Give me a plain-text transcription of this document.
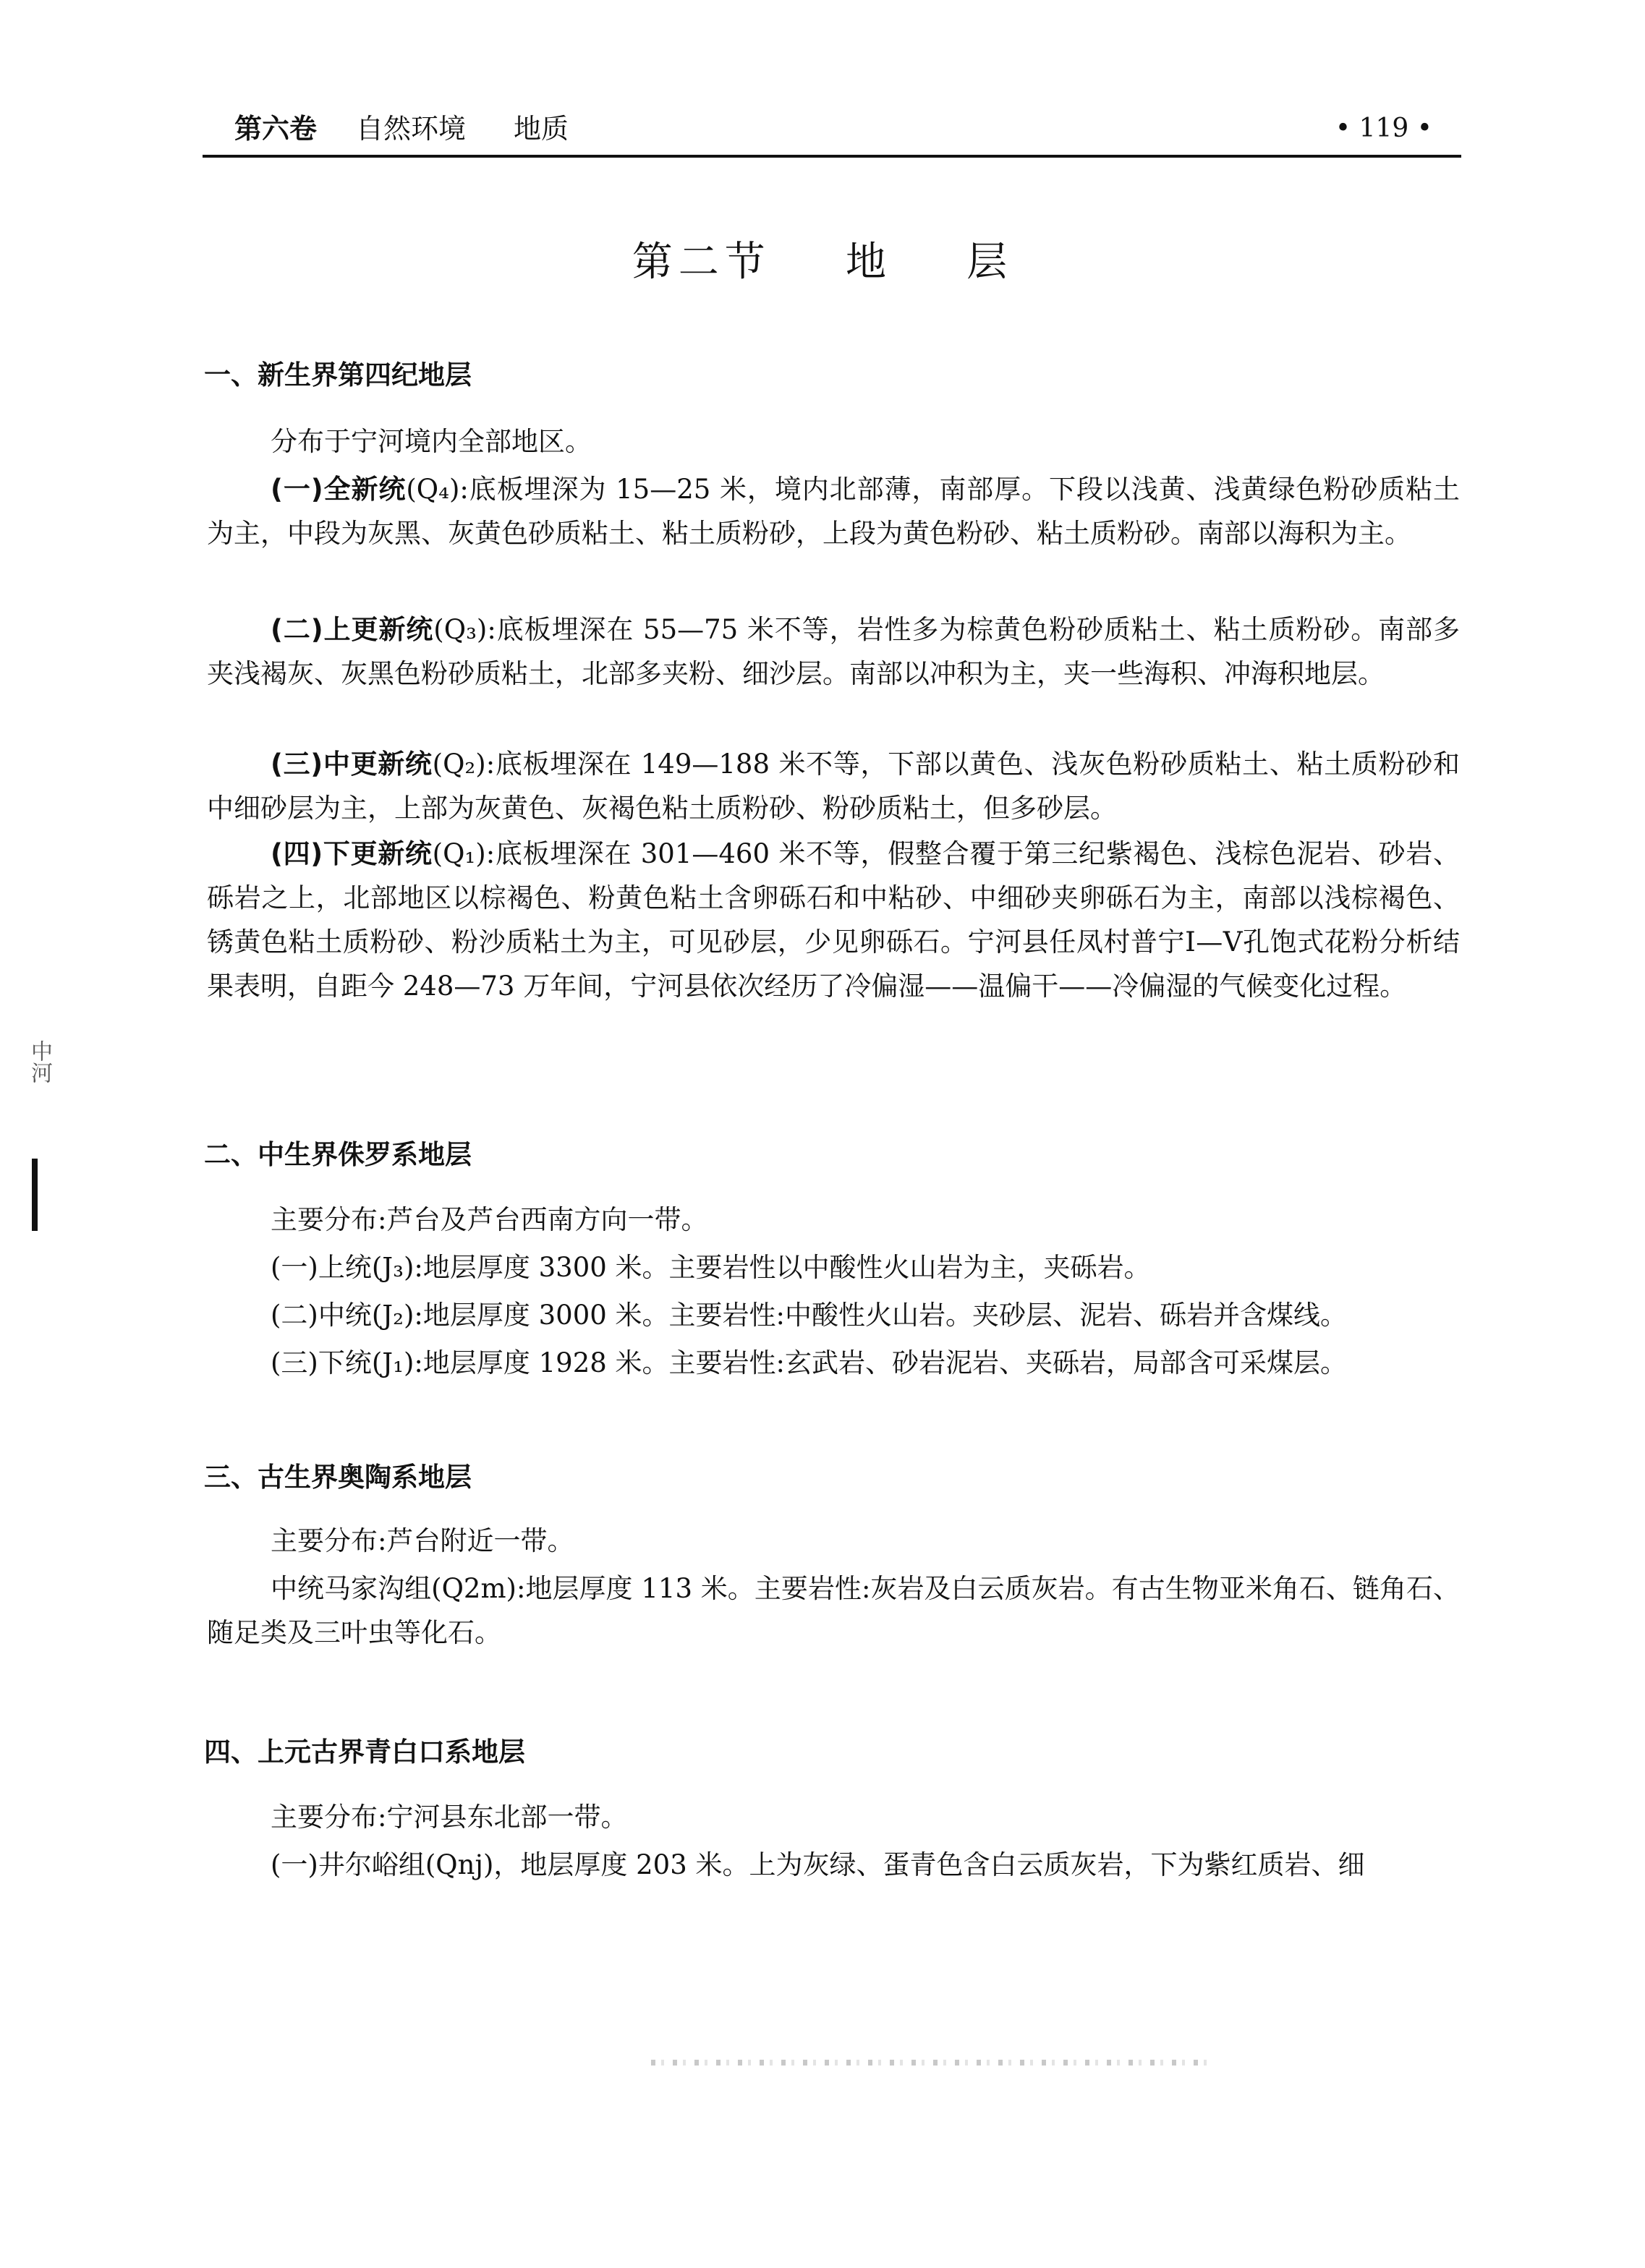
第六卷 自然环境 地质	• 119 •
第二节    地    层
一、新生界第四纪地层
分布于宁河境内全部地区。
(一)全新统(Q₄):底板埋深为 15—25 米，境内北部薄，南部厚。下段以浅黄、浅黄绿色粉砂质粘土为主，中段为灰黑、灰黄色砂质粘土、粘土质粉砂，上段为黄色粉砂、粘土质粉砂。南部以海积为主。
(二)上更新统(Q₃):底板埋深在 55—75 米不等，岩性多为棕黄色粉砂质粘土、粘土质粉砂。南部多夹浅褐灰、灰黑色粉砂质粘土，北部多夹粉、细沙层。南部以冲积为主，夹一些海积、冲海积地层。
(三)中更新统(Q₂):底板埋深在 149—188 米不等，下部以黄色、浅灰色粉砂质粘土、粘土质粉砂和中细砂层为主，上部为灰黄色、灰褐色粘土质粉砂、粉砂质粘土，但多砂层。
(四)下更新统(Q₁):底板埋深在 301—460 米不等，假整合覆于第三纪紫褐色、浅棕色泥岩、砂岩、砾岩之上，北部地区以棕褐色、粉黄色粘土含卵砾石和中粘砂、中细砂夹卵砾石为主，南部以浅棕褐色、锈黄色粘土质粉砂、粉沙质粘土为主，可见砂层，少见卵砾石。宁河县任凤村普宁Ⅰ—Ⅴ孔饱式花粉分析结果表明，自距今 248—73 万年间，宁河县依次经历了冷偏湿——温偏干——冷偏湿的气候变化过程。
二、中生界侏罗系地层
主要分布:芦台及芦台西南方向一带。
(一)上统(J₃):地层厚度 3300 米。主要岩性以中酸性火山岩为主，夹砾岩。
(二)中统(J₂):地层厚度 3000 米。主要岩性:中酸性火山岩。夹砂层、泥岩、砾岩并含煤线。
(三)下统(J₁):地层厚度 1928 米。主要岩性:玄武岩、砂岩泥岩、夹砾岩，局部含可采煤层。
三、古生界奥陶系地层
主要分布:芦台附近一带。
中统马家沟组(Q2m):地层厚度 113 米。主要岩性:灰岩及白云质灰岩。有古生物亚米角石、链角石、随足类及三叶虫等化石。
四、上元古界青白口系地层
主要分布:宁河县东北部一带。
(一)井尔峪组(Qnj)，地层厚度 203 米。上为灰绿、蛋青色含白云质灰岩，下为紫红质岩、细
中河
